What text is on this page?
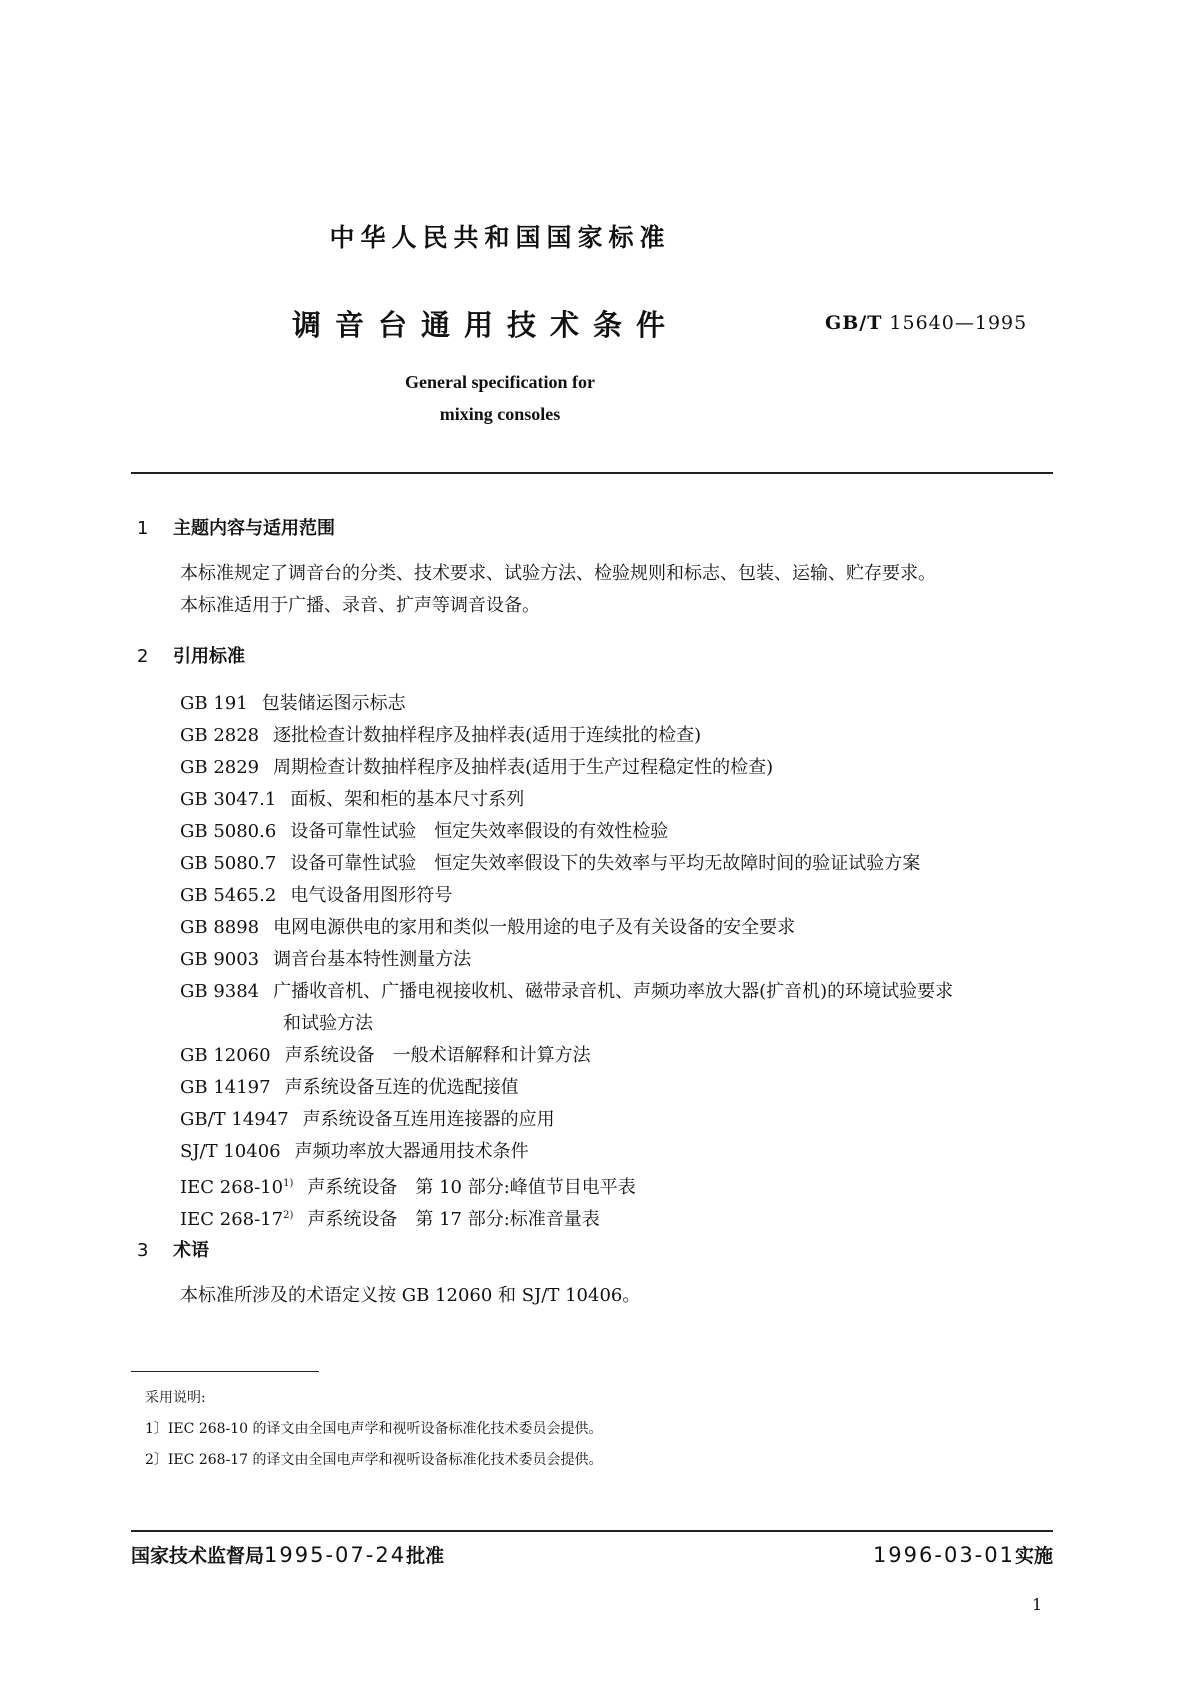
中华人民共和国国家标准
调音台通用技术条件	GB/T 15640—1995
General specification for
mixing consoles
1 主题内容与适用范围
本标准规定了调音台的分类、技术要求、试验方法、检验规则和标志、包装、运输、贮存要求。
本标准适用于广播、录音、扩声等调音设备。
2 引用标准
GB 191 包装储运图示标志
GB 2828 逐批检查计数抽样程序及抽样表(适用于连续批的检查)
GB 2829 周期检查计数抽样程序及抽样表(适用于生产过程稳定性的检查)
GB 3047.1 面板、架和柜的基本尺寸系列
GB 5080.6 设备可靠性试验　恒定失效率假设的有效性检验
GB 5080.7 设备可靠性试验　恒定失效率假设下的失效率与平均无故障时间的验证试验方案
GB 5465.2 电气设备用图形符号
GB 8898 电网电源供电的家用和类似一般用途的电子及有关设备的安全要求
GB 9003 调音台基本特性测量方法
GB 9384 广播收音机、广播电视接收机、磁带录音机、声频功率放大器(扩音机)的环境试验要求
和试验方法
GB 12060 声系统设备　一般术语解释和计算方法
GB 14197 声系统设备互连的优选配接值
GB/T 14947 声系统设备互连用连接器的应用
SJ/T 10406 声频功率放大器通用技术条件
IEC 268-10$^{1)}$ 声系统设备　第 10 部分:峰值节目电平表
IEC 268-17$^{2)}$ 声系统设备　第 17 部分:标准音量表
3 术语
本标准所涉及的术语定义按 GB 12060 和 SJ/T 10406。
采用说明:
1〕IEC 268-10 的译文由全国电声学和视听设备标准化技术委员会提供。
2〕IEC 268-17 的译文由全国电声学和视听设备标准化技术委员会提供。
国家技术监督局1995-07-24批准	1996-03-01实施
1
